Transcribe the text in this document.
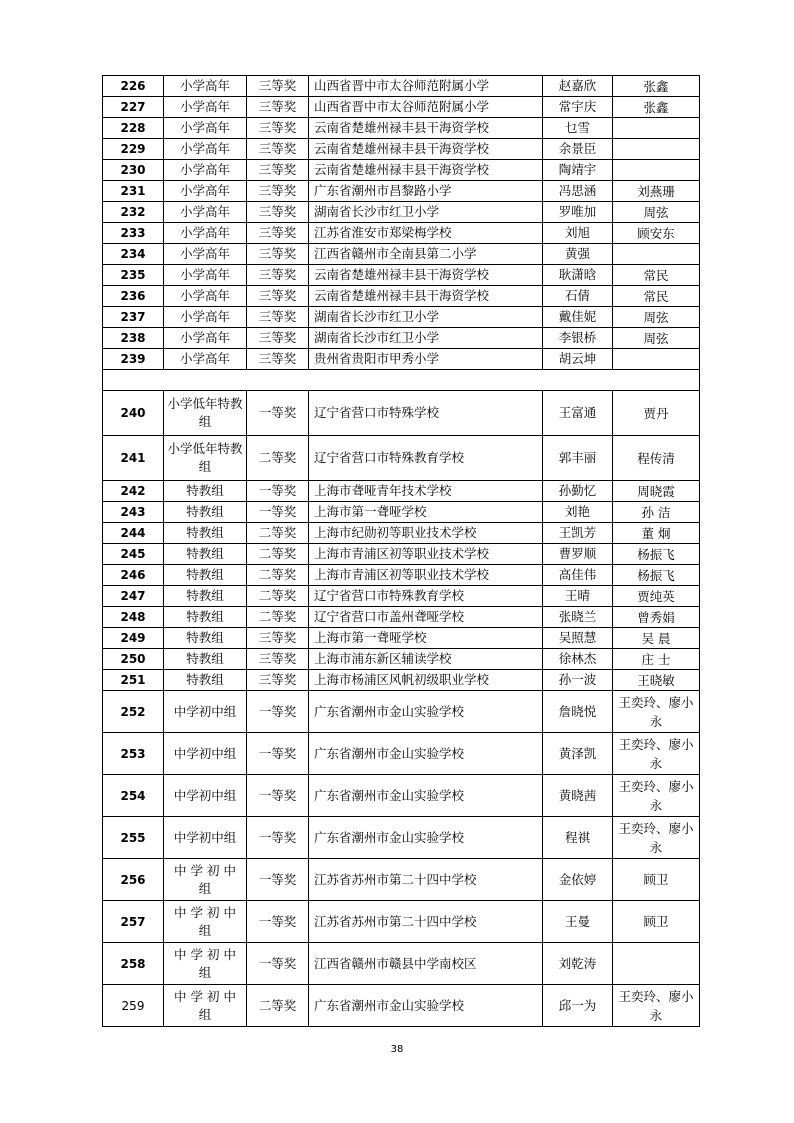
226	小学高年	三等奖	山西省晋中市太谷师范附属小学	赵嘉欣	张鑫
227	小学高年	三等奖	山西省晋中市太谷师范附属小学	常宇庆	张鑫
228	小学高年	三等奖	云南省楚雄州禄丰县干海资学校	乜雪	
229	小学高年	三等奖	云南省楚雄州禄丰县干海资学校	余景臣	
230	小学高年	三等奖	云南省楚雄州禄丰县干海资学校	陶靖宇	
231	小学高年	三等奖	广东省潮州市昌黎路小学	冯思涵	刘燕珊
232	小学高年	三等奖	湖南省长沙市红卫小学	罗唯加	周弦
233	小学高年	三等奖	江苏省淮安市郑梁梅学校	刘旭	顾安东
234	小学高年	三等奖	江西省赣州市全南县第二小学	黄强	
235	小学高年	三等奖	云南省楚雄州禄丰县干海资学校	耿潇晗	常民
236	小学高年	三等奖	云南省楚雄州禄丰县干海资学校	石倩	常民
237	小学高年	三等奖	湖南省长沙市红卫小学	戴佳妮	周弦
238	小学高年	三等奖	湖南省长沙市红卫小学	李银桥	周弦
239	小学高年	三等奖	贵州省贵阳市甲秀小学	胡云坤	

240	小学低年特教组	一等奖	辽宁省营口市特殊学校	王富通	贾丹
241	小学低年特教组	二等奖	辽宁省营口市特殊教育学校	郭丰丽	程传清
242	特教组	一等奖	上海市聋哑青年技术学校	孙勤忆	周晓霞
243	特教组	一等奖	上海市第一聋哑学校	刘艳	孙 洁
244	特教组	二等奖	上海市纪勋初等职业技术学校	王凯芳	董 炯
245	特教组	二等奖	上海市青浦区初等职业技术学校	曹罗顺	杨振飞
246	特教组	二等奖	上海市青浦区初等职业技术学校	高佳伟	杨振飞
247	特教组	二等奖	辽宁省营口市特殊教育学校	王晴	贾纯英
248	特教组	二等奖	辽宁省营口市盖州聋哑学校	张晓兰	曾秀娟
249	特教组	三等奖	上海市第一聋哑学校	吴照慧	吴 晨
250	特教组	三等奖	上海市浦东新区辅读学校	徐林杰	庄 士
251	特教组	三等奖	上海市杨浦区风帆初级职业学校	孙一波	王晓敏
252	中学初中组	一等奖	广东省潮州市金山实验学校	詹晓悦	王奕玲、廖小永
253	中学初中组	一等奖	广东省潮州市金山实验学校	黄泽凯	王奕玲、廖小永
254	中学初中组	一等奖	广东省潮州市金山实验学校	黄晓茜	王奕玲、廖小永
255	中学初中组	一等奖	广东省潮州市金山实验学校	程祺	王奕玲、廖小永
256	中 学 初 中 组	一等奖	江苏省苏州市第二十四中学校	金依婷	顾卫
257	中 学 初 中 组	一等奖	江苏省苏州市第二十四中学校	王曼	顾卫
258	中 学 初 中 组	一等奖	江西省赣州市赣县中学南校区	刘乾涛	
259	中 学 初 中 组	二等奖	广东省潮州市金山实验学校	邱一为	王奕玲、廖小永
38
